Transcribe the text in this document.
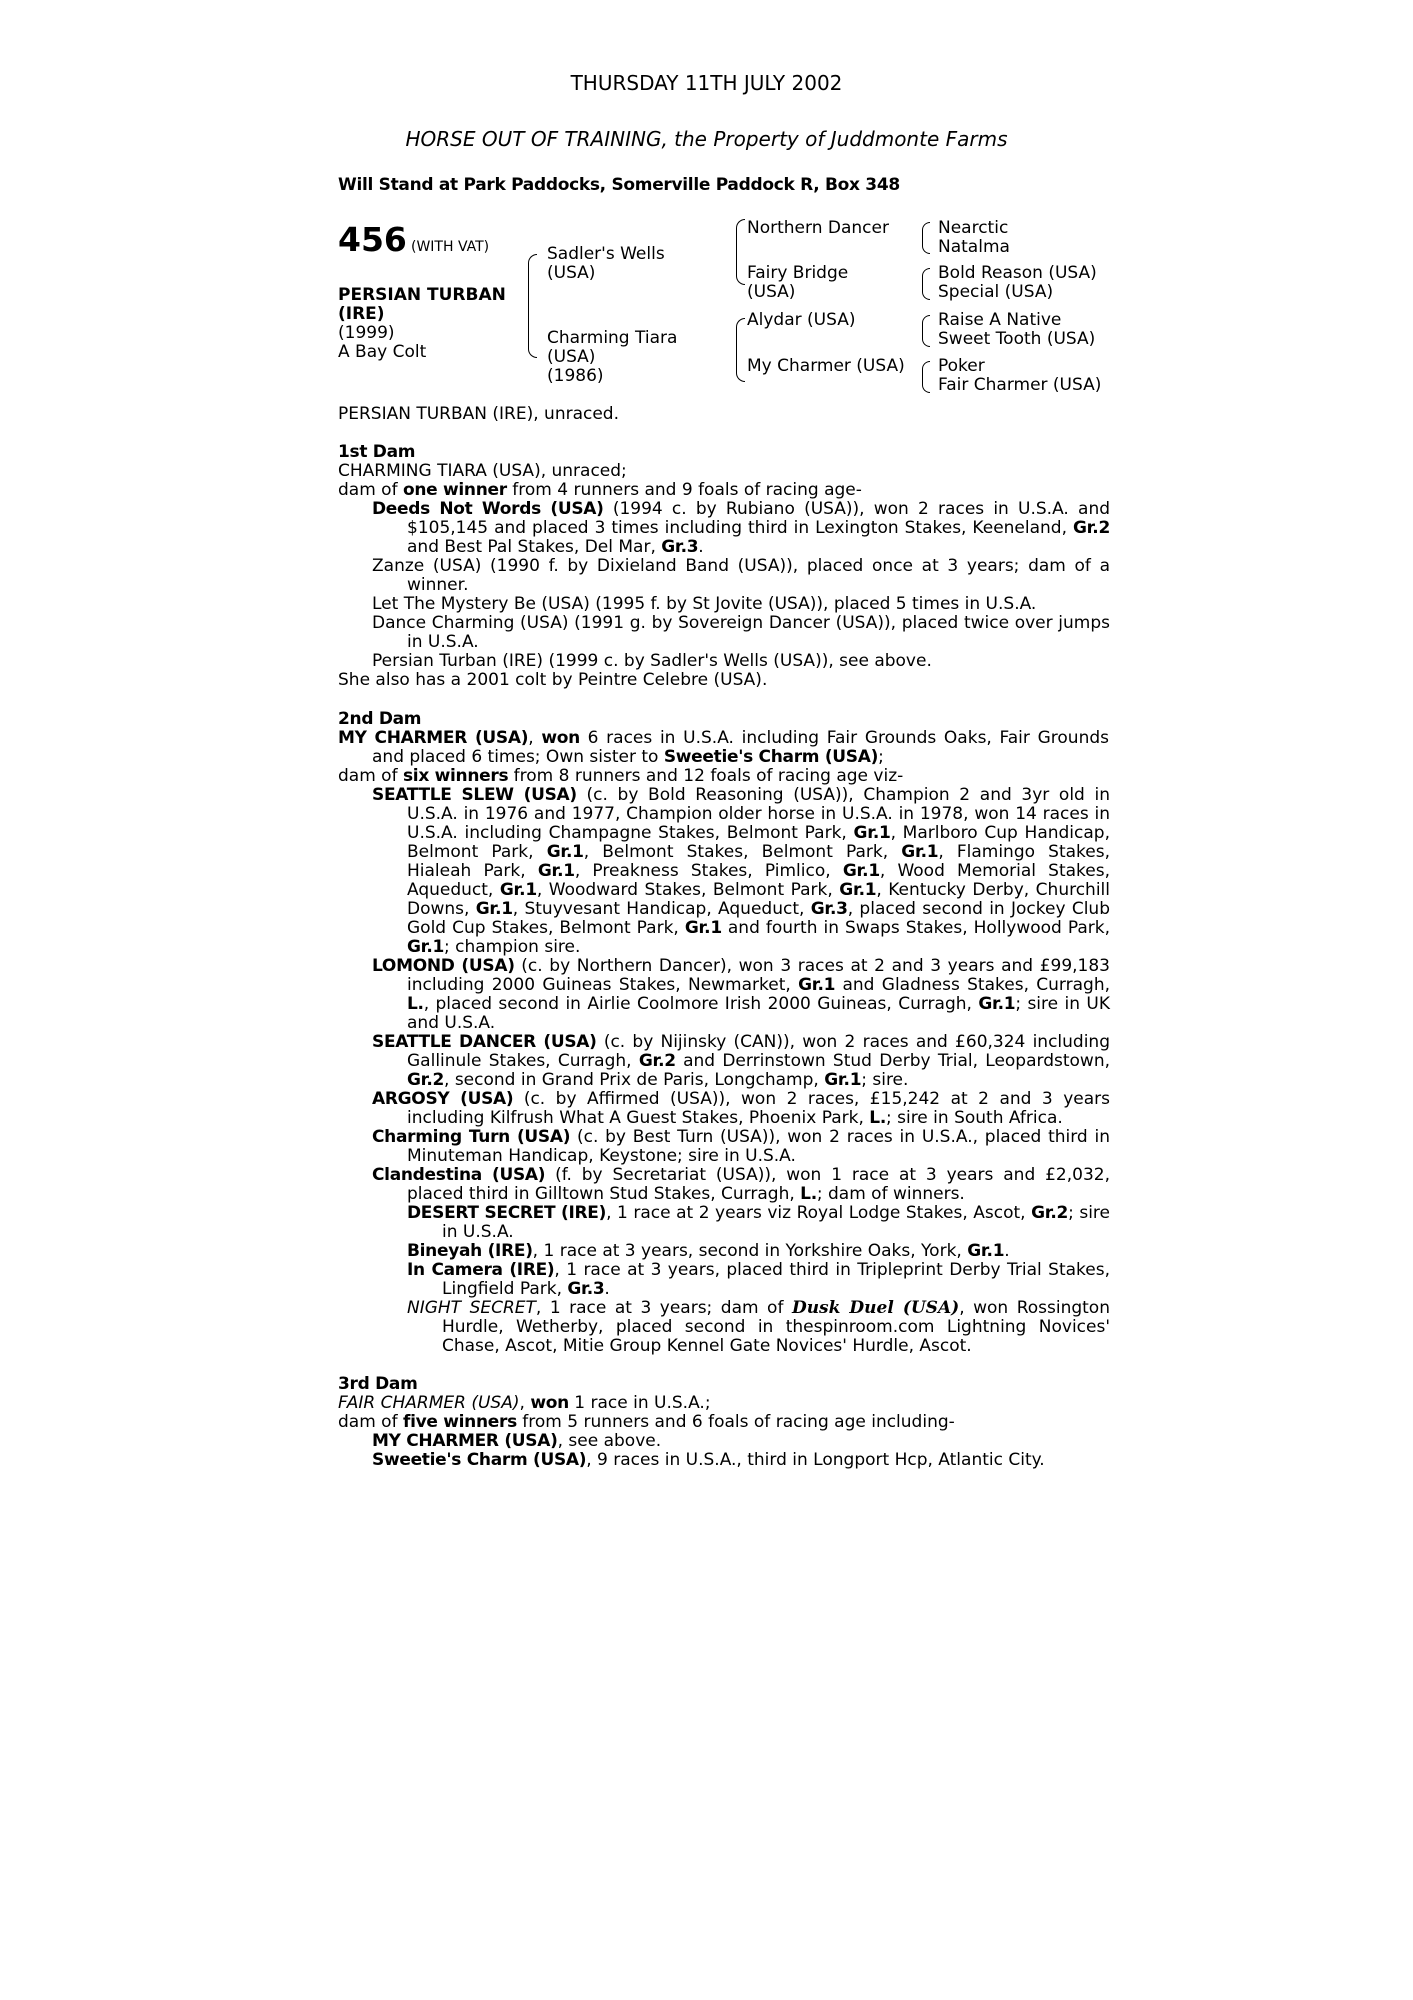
THURSDAY 11TH JULY 2002
HORSE OUT OF TRAINING, the Property of Juddmonte Farms
Will Stand at Park Paddocks, Somerville Paddock R, Box 348
456 (WITH VAT)
PERSIAN TURBAN
(IRE)
(1999)
A Bay Colt
Sadler's Wells
(USA)
Charming Tiara
(USA)
(1986)
Northern Dancer
Fairy Bridge
(USA)
Alydar (USA)
My Charmer (USA)
Nearctic
Natalma
Bold Reason (USA)
Special (USA)
Raise A Native
Sweet Tooth (USA)
Poker
Fair Charmer (USA)
PERSIAN TURBAN (IRE), unraced.
1st Dam
CHARMING TIARA (USA), unraced;
dam of one winner from 4 runners and 9 foals of racing age-
Deeds Not Words (USA) (1994 c. by Rubiano (USA)), won 2 races in U.S.A. and $105,145 and placed 3 times including third in Lexington Stakes, Keeneland, Gr.2 and Best Pal Stakes, Del Mar, Gr.3.
Zanze (USA) (1990 f. by Dixieland Band (USA)), placed once at 3 years; dam of a winner.
Let The Mystery Be (USA) (1995 f. by St Jovite (USA)), placed 5 times in U.S.A.
Dance Charming (USA) (1991 g. by Sovereign Dancer (USA)), placed twice over jumps in U.S.A.
Persian Turban (IRE) (1999 c. by Sadler's Wells (USA)), see above.
She also has a 2001 colt by Peintre Celebre (USA).
2nd Dam
MY CHARMER (USA), won 6 races in U.S.A. including Fair Grounds Oaks, Fair Grounds and placed 6 times; Own sister to Sweetie's Charm (USA);
dam of six winners from 8 runners and 12 foals of racing age viz-
SEATTLE SLEW (USA) (c. by Bold Reasoning (USA)), Champion 2 and 3yr old in U.S.A. in 1976 and 1977, Champion older horse in U.S.A. in 1978, won 14 races in U.S.A. including Champagne Stakes, Belmont Park, Gr.1, Marlboro Cup Handicap, Belmont Park, Gr.1, Belmont Stakes, Belmont Park, Gr.1, Flamingo Stakes, Hialeah Park, Gr.1, Preakness Stakes, Pimlico, Gr.1, Wood Memorial Stakes, Aqueduct, Gr.1, Woodward Stakes, Belmont Park, Gr.1, Kentucky Derby, Churchill Downs, Gr.1, Stuyvesant Handicap, Aqueduct, Gr.3, placed second in Jockey Club Gold Cup Stakes, Belmont Park, Gr.1 and fourth in Swaps Stakes, Hollywood Park, Gr.1; champion sire.
LOMOND (USA) (c. by Northern Dancer), won 3 races at 2 and 3 years and £99,183 including 2000 Guineas Stakes, Newmarket, Gr.1 and Gladness Stakes, Curragh, L., placed second in Airlie Coolmore Irish 2000 Guineas, Curragh, Gr.1; sire in UK and U.S.A.
SEATTLE DANCER (USA) (c. by Nijinsky (CAN)), won 2 races and £60,324 including Gallinule Stakes, Curragh, Gr.2 and Derrinstown Stud Derby Trial, Leopardstown, Gr.2, second in Grand Prix de Paris, Longchamp, Gr.1; sire.
ARGOSY (USA) (c. by Affirmed (USA)), won 2 races, £15,242 at 2 and 3 years including Kilfrush What A Guest Stakes, Phoenix Park, L.; sire in South Africa.
Charming Turn (USA) (c. by Best Turn (USA)), won 2 races in U.S.A., placed third in Minuteman Handicap, Keystone; sire in U.S.A.
Clandestina (USA) (f. by Secretariat (USA)), won 1 race at 3 years and £2,032, placed third in Gilltown Stud Stakes, Curragh, L.; dam of winners.
DESERT SECRET (IRE), 1 race at 2 years viz Royal Lodge Stakes, Ascot, Gr.2; sire in U.S.A.
Bineyah (IRE), 1 race at 3 years, second in Yorkshire Oaks, York, Gr.1.
In Camera (IRE), 1 race at 3 years, placed third in Tripleprint Derby Trial Stakes, Lingfield Park, Gr.3.
NIGHT SECRET, 1 race at 3 years; dam of Dusk Duel (USA), won Rossington Hurdle, Wetherby, placed second in thespinroom.com Lightning Novices' Chase, Ascot, Mitie Group Kennel Gate Novices' Hurdle, Ascot.
3rd Dam
FAIR CHARMER (USA), won 1 race in U.S.A.;
dam of five winners from 5 runners and 6 foals of racing age including-
MY CHARMER (USA), see above.
Sweetie's Charm (USA), 9 races in U.S.A., third in Longport Hcp, Atlantic City.
